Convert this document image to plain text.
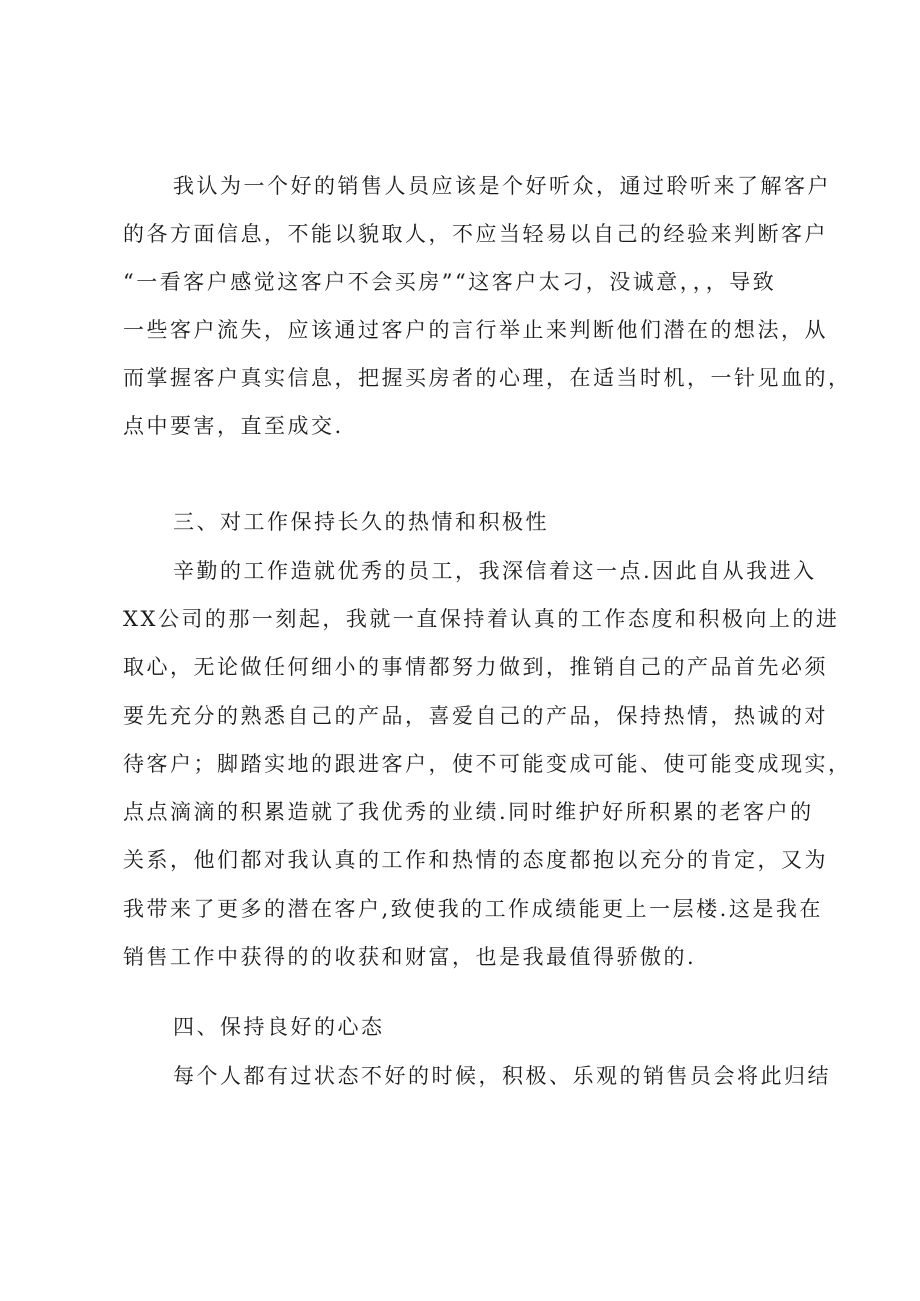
我认为一个好的销售人员应该是个好听众，通过聆听来了解客户
的各方面信息，不能以貌取人，不应当轻易以自己的经验来判断客户
“一看客户感觉这客户不会买房”“这客户太刁，没诚意，，，导致
一些客户流失，应该通过客户的言行举止来判断他们潜在的想法，从
而掌握客户真实信息，把握买房者的心理，在适当时机，一针见血的，
点中要害，直至成交.
三、对工作保持长久的热情和积极性
辛勤的工作造就优秀的员工，我深信着这一点.因此自从我进入
XX公司的那一刻起，我就一直保持着认真的工作态度和积极向上的进
取心，无论做任何细小的事情都努力做到，推销自己的产品首先必须
要先充分的熟悉自己的产品，喜爱自己的产品，保持热情，热诚的对
待客户；脚踏实地的跟进客户，使不可能变成可能、使可能变成现实，
点点滴滴的积累造就了我优秀的业绩.同时维护好所积累的老客户的
关系，他们都对我认真的工作和热情的态度都抱以充分的肯定，又为
我带来了更多的潜在客户,致使我的工作成绩能更上一层楼.这是我在
销售工作中获得的的收获和财富，也是我最值得骄傲的.
四、保持良好的心态
每个人都有过状态不好的时候，积极、乐观的销售员会将此归结
